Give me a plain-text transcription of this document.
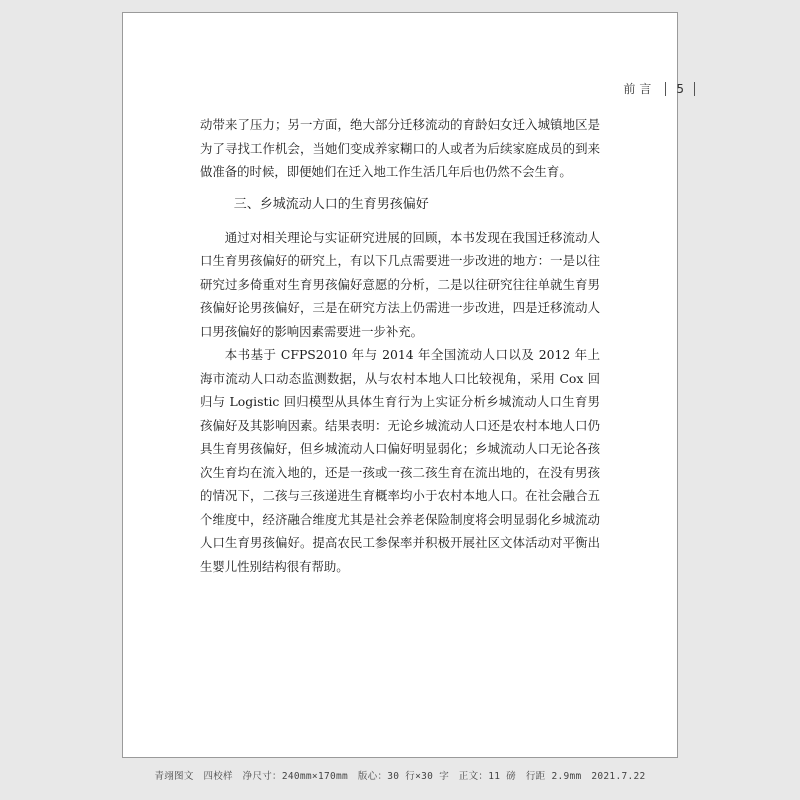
前言 5

动带来了压力；另一方面，绝大部分迁移流动的育龄妇女迁入城镇地区是为了寻找工作机会，当她们变成养家糊口的人或者为后续家庭成员的到来做准备的时候，即便她们在迁入地工作生活几年后也仍然不会生育。

三、乡城流动人口的生育男孩偏好

通过对相关理论与实证研究进展的回顾，本书发现在我国迁移流动人口生育男孩偏好的研究上，有以下几点需要进一步改进的地方：一是以往研究过多倚重对生育男孩偏好意愿的分析，二是以往研究往往单就生育男孩偏好论男孩偏好，三是在研究方法上仍需进一步改进，四是迁移流动人口男孩偏好的影响因素需要进一步补充。

本书基于 CFPS2010 年与 2014 年全国流动人口以及 2012 年上海市流动人口动态监测数据，从与农村本地人口比较视角，采用 Cox 回归与 Logistic 回归模型从具体生育行为上实证分析乡城流动人口生育男孩偏好及其影响因素。结果表明：无论乡城流动人口还是农村本地人口仍具生育男孩偏好，但乡城流动人口偏好明显弱化；乡城流动人口无论各孩次生育均在流入地的，还是一孩或一孩二孩生育在流出地的，在没有男孩的情况下，二孩与三孩递进生育概率均小于农村本地人口。在社会融合五个维度中，经济融合维度尤其是社会养老保险制度将会明显弱化乡城流动人口生育男孩偏好。提高农民工参保率并积极开展社区文体活动对平衡出生婴儿性别结构很有帮助。

青翊图文　四校样　净尺寸：240mm×170mm　版心：30 行×30 字　正文：11 磅　行距 2.9mm　2021.7.22
